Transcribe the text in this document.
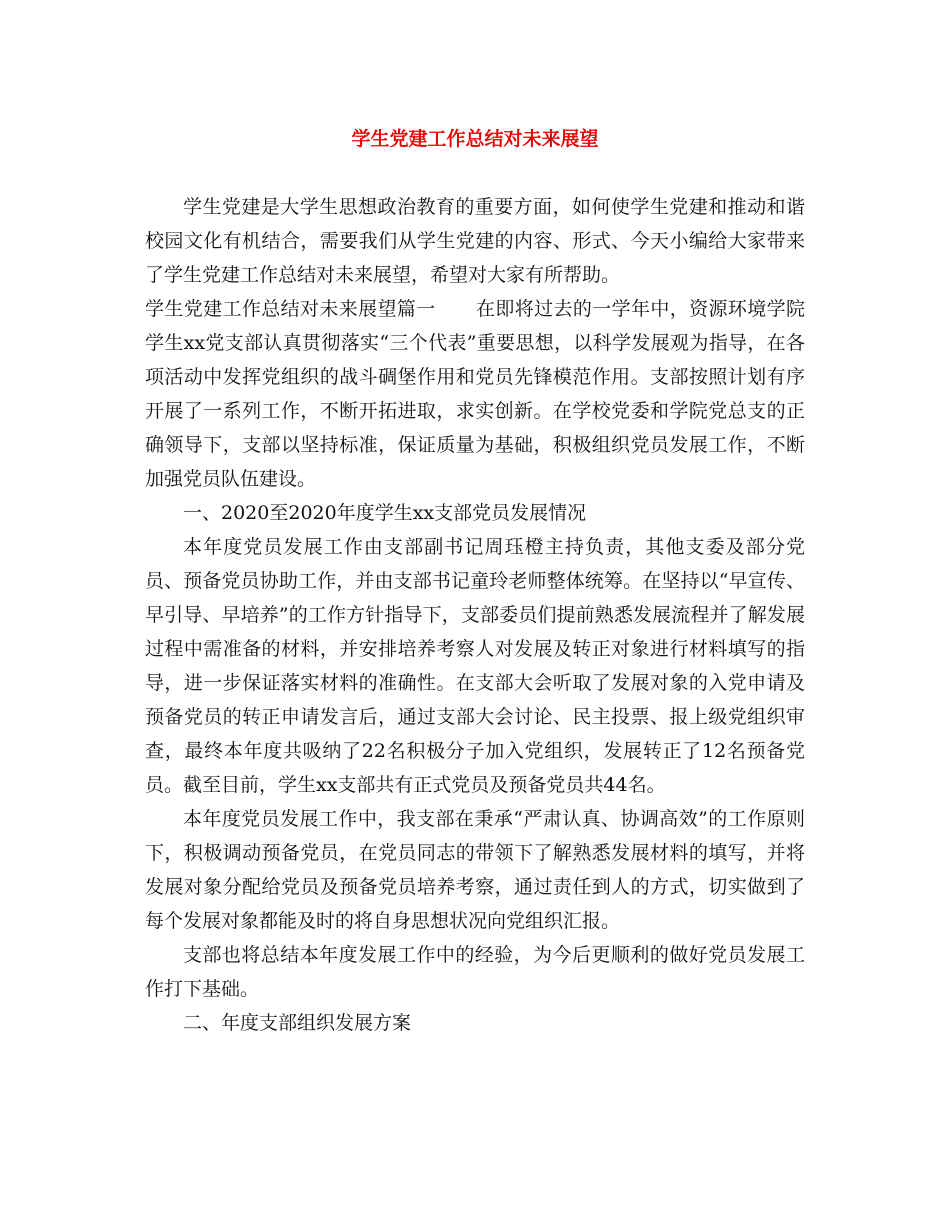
学生党建工作总结对未来展望

学生党建是大学生思想政治教育的重要方面，如何使学生党建和推动和谐校园文化有机结合，需要我们从学生党建的内容、形式、今天小编给大家带来了学生党建工作总结对未来展望，希望对大家有所帮助。

学生党建工作总结对未来展望篇一 在即将过去的一学年中，资源环境学院学生xx党支部认真贯彻落实“三个代表”重要思想，以科学发展观为指导，在各项活动中发挥党组织的战斗碉堡作用和党员先锋模范作用。支部按照计划有序开展了一系列工作，不断开拓进取，求实创新。在学校党委和学院党总支的正确领导下，支部以坚持标准，保证质量为基础，积极组织党员发展工作，不断加强党员队伍建设。

一、2020至2020年度学生xx支部党员发展情况

本年度党员发展工作由支部副书记周珏橙主持负责，其他支委及部分党员、预备党员协助工作，并由支部书记童玲老师整体统筹。在坚持以“早宣传、早引导、早培养”的工作方针指导下，支部委员们提前熟悉发展流程并了解发展过程中需准备的材料，并安排培养考察人对发展及转正对象进行材料填写的指导，进一步保证落实材料的准确性。在支部大会听取了发展对象的入党申请及预备党员的转正申请发言后，通过支部大会讨论、民主投票、报上级党组织审查，最终本年度共吸纳了22名积极分子加入党组织，发展转正了12名预备党员。截至目前，学生xx支部共有正式党员及预备党员共44名。

本年度党员发展工作中，我支部在秉承“严肃认真、协调高效”的工作原则下，积极调动预备党员，在党员同志的带领下了解熟悉发展材料的填写，并将发展对象分配给党员及预备党员培养考察，通过责任到人的方式，切实做到了每个发展对象都能及时的将自身思想状况向党组织汇报。

支部也将总结本年度发展工作中的经验，为今后更顺利的做好党员发展工作打下基础。

二、年度支部组织发展方案
